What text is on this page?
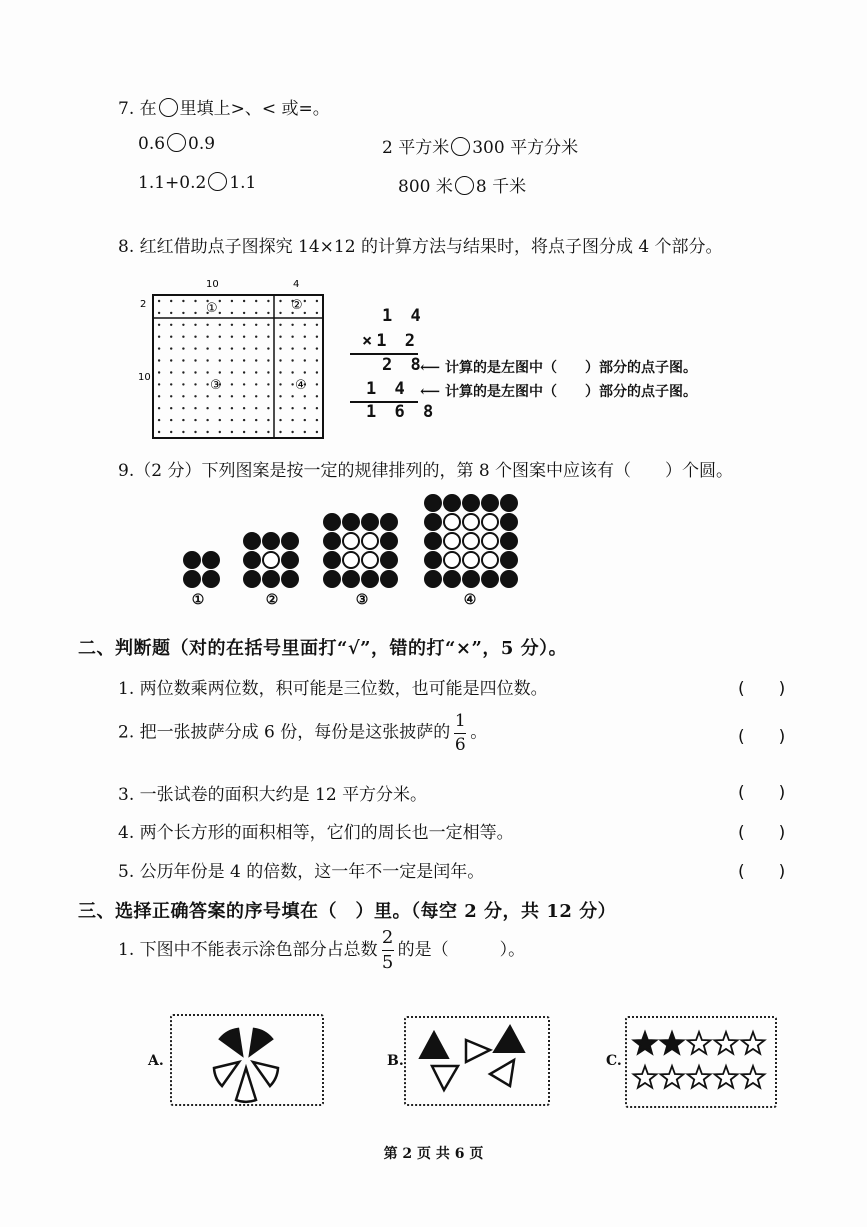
7. 在 里填上>、< 或=。
0.6 0.9	2 平方米 300 平方分米
1.1+0.2 1.1	800 米 8 千米
8. 红红借助点子图探究 14×12 的计算方法与结果时，将点子图分成 4 个部分。
10	4
2
10
①	②
③	④
1 4
×1 2
2 8
1 4
1 6 8
⟵ 计算的是左图中（　　）部分的点子图。
⟵ 计算的是左图中（　　）部分的点子图。
9.（2 分）下列图案是按一定的规律排列的，第 8 个图案中应该有（　　）个圆。
①	②	③	④
二、判断题（对的在括号里面打“√”，错的打“×”，5 分）。
1. 两位数乘两位数，积可能是三位数，也可能是四位数。	(　　)
2. 把一张披萨分成 6 份，每份是这张披萨的 $\frac{1}{6}$ 。	(　　)
3. 一张试卷的面积大约是 12 平方分米。	(　　)
4. 两个长方形的面积相等，它们的周长也一定相等。	(　　)
5. 公历年份是 4 的倍数，这一年不一定是闰年。	(　　)
三、选择正确答案的序号填在（　）里。（每空 2 分，共 12 分）
1. 下图中不能表示涂色部分占总数 $\frac{2}{5}$ 的是（　　　）。
A.	B.	C.
第 2 页 共 6 页
